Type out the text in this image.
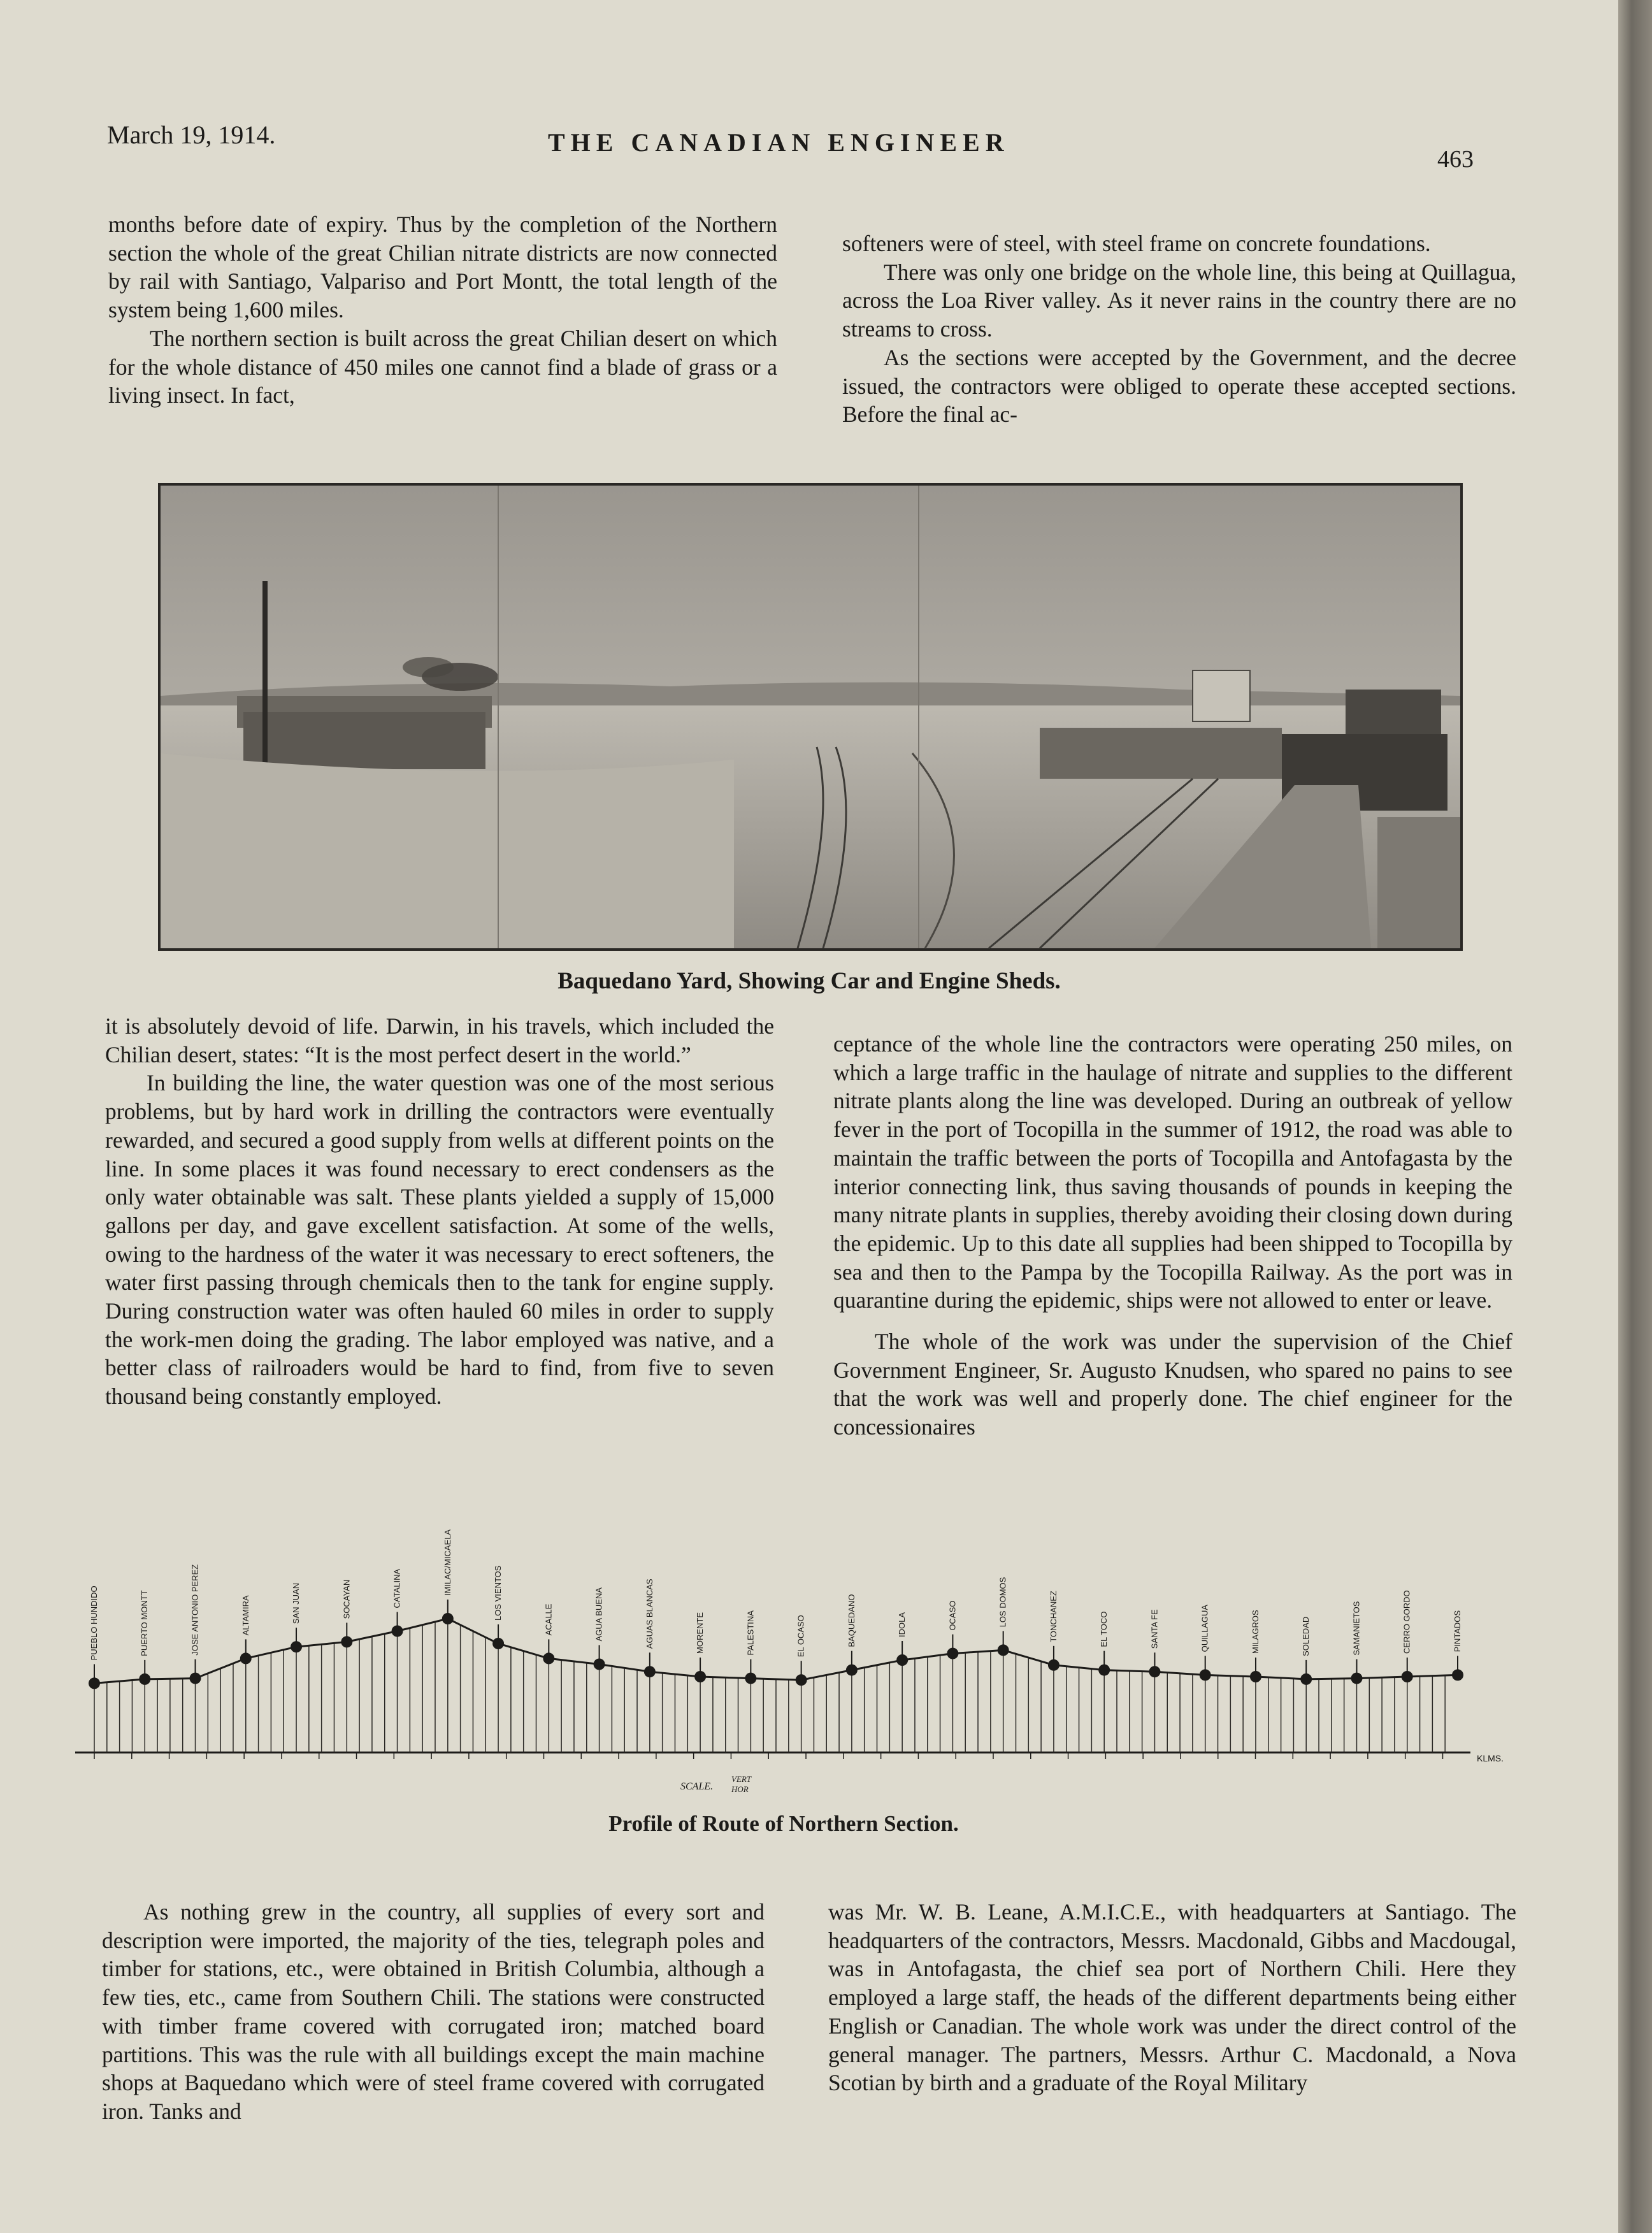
March 19, 1914.	THE CANADIAN ENGINEER
463

months before date of expiry. Thus by the completion of the Northern section the whole of the great Chilian nitrate districts are now connected by rail with Santiago, Valpariso and Port Montt, the total length of the system being 1,600 miles.

The northern section is built across the great Chilian desert on which for the whole distance of 450 miles one cannot find a blade of grass or a living insect. In fact,

softeners were of steel, with steel frame on concrete foundations.

There was only one bridge on the whole line, this being at Quillagua, across the Loa River valley. As it never rains in the country there are no streams to cross.

As the sections were accepted by the Government, and the decree issued, the contractors were obliged to operate these accepted sections. Before the final ac-

Baquedano Yard, Showing Car and Engine Sheds.

it is absolutely devoid of life. Darwin, in his travels, which included the Chilian desert, states: “It is the most perfect desert in the world.”

In building the line, the water question was one of the most serious problems, but by hard work in drilling the contractors were eventually rewarded, and secured a good supply from wells at different points on the line. In some places it was found necessary to erect condensers as the only water obtainable was salt. These plants yielded a supply of 15,000 gallons per day, and gave excellent satisfaction. At some of the wells, owing to the hardness of the water it was necessary to erect softeners, the water first passing through chemicals then to the tank for engine supply. During construction water was often hauled 60 miles in order to supply the work-men doing the grading. The labor employed was native, and a better class of railroaders would be hard to find, from five to seven thousand being constantly employed.

ceptance of the whole line the contractors were operating 250 miles, on which a large traffic in the haulage of nitrate and supplies to the different nitrate plants along the line was developed. During an outbreak of yellow fever in the port of Tocopilla in the summer of 1912, the road was able to maintain the traffic between the ports of Tocopilla and Antofagasta by the interior connecting link, thus saving thousands of pounds in keeping the many nitrate plants in supplies, thereby avoiding their closing down during the epidemic. Up to this date all supplies had been shipped to Tocopilla by sea and then to the Pampa by the Tocopilla Railway. As the port was in quarantine during the epidemic, ships were not allowed to enter or leave.

The whole of the work was under the supervision of the Chief Government Engineer, Sr. Augusto Knudsen, who spared no pains to see that the work was well and properly done. The chief engineer for the concessionaires

PUEBLO HUNDIDO	PUERTO MONTT	JOSE ANTONIO PEREZ	ALTAMIRA	SAN JUAN	SOCAYAN	CATALINA	IMILAC/MICAELA	LOS VIENTOS	ACALLE	AGUA BUENA	AGUAS BLANCAS	MORENTE	PALESTINA	EL OCASO	BAQUEDANO	IDOLA	OCASO	LOS DOMOS	TONCHANEZ	EL TOCO	SANTA FE	QUILLAGUA	MILAGROS	SOLEDAD	SAMANIETOS	CERRO GORDO	PINTADOS
KLMS.
SCALE.
VERT
HOR
Profile of Route of Northern Section.

As nothing grew in the country, all supplies of every sort and description were imported, the majority of the ties, telegraph poles and timber for stations, etc., were obtained in British Columbia, although a few ties, etc., came from Southern Chili. The stations were constructed with timber frame covered with corrugated iron; matched board partitions. This was the rule with all buildings except the main machine shops at Baquedano which were of steel frame covered with corrugated iron. Tanks and

was Mr. W. B. Leane, A.M.I.C.E., with headquarters at Santiago. The headquarters of the contractors, Messrs. Macdonald, Gibbs and Macdougal, was in Antofagasta, the chief sea port of Northern Chili. Here they employed a large staff, the heads of the different departments being either English or Canadian. The whole work was under the direct control of the general manager. The partners, Messrs. Arthur C. Macdonald, a Nova Scotian by birth and a graduate of the Royal Military
